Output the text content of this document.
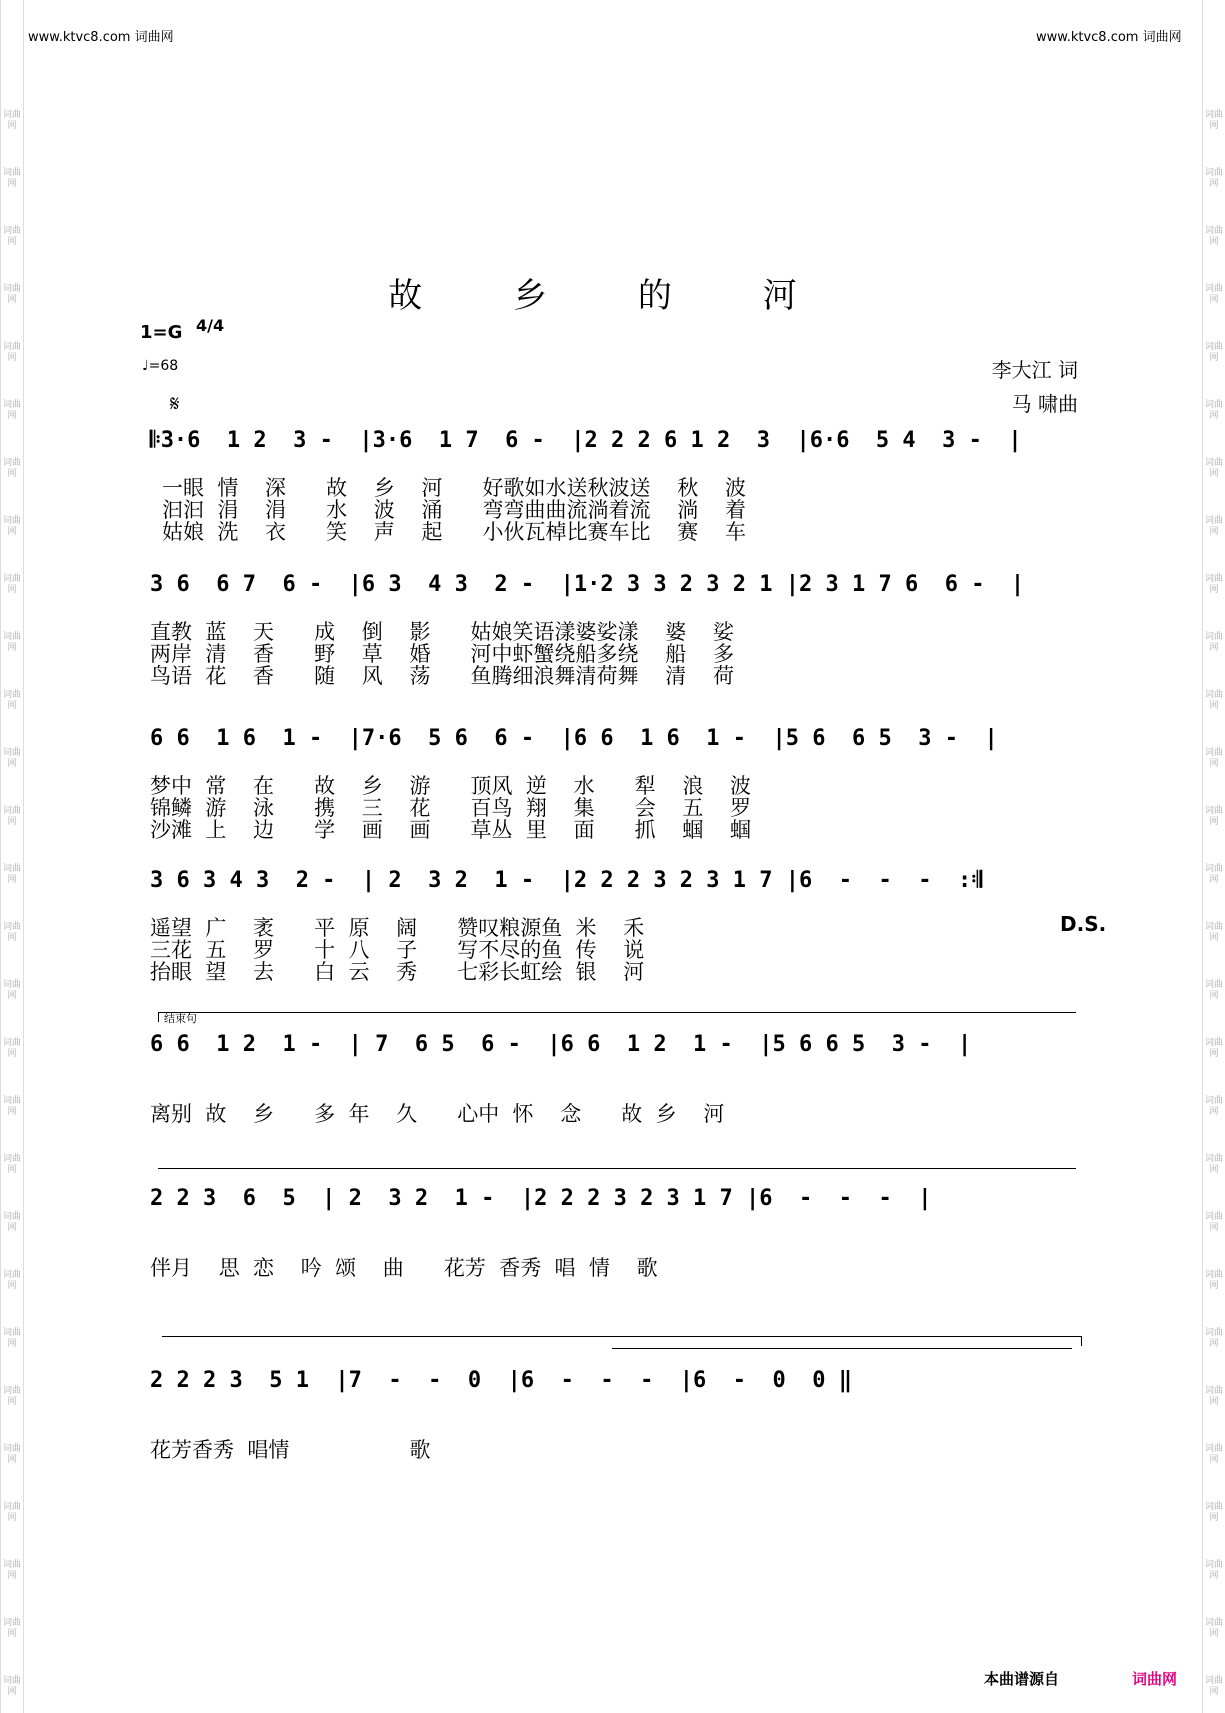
词曲网
词曲网
词曲网
词曲网
词曲网
词曲网
词曲网
词曲网
词曲网
词曲网
词曲网
词曲网
词曲网
词曲网
词曲网
词曲网
词曲网
词曲网
词曲网
词曲网
词曲网
词曲网
词曲网
词曲网
词曲网
词曲网
词曲网
词曲网
词曲网
词曲网
词曲网
词曲网
词曲网
词曲网
词曲网
词曲网
词曲网
词曲网
词曲网
词曲网
词曲网
词曲网
词曲网
词曲网
词曲网
词曲网
词曲网
词曲网
词曲网
词曲网
词曲网
词曲网
词曲网
词曲网
词曲网
词曲网
www.ktvc8.com 词曲网	www.ktvc8.com 词曲网
故 乡 的 河
1=G 4/4
♩=68
𝄋
李大江 词
马 啸曲
𝄆3·6  1 2  3 -  |3·6  1 7  6 -  |2 2 2 6 1 2  3  |6·6  5 4  3 -  |
一眼  情    深      故    乡    河      好歌如水送秋波送    秋    波
汩汩  涓    涓      水    波    涌      弯弯曲曲流淌着流    淌    着
姑娘  洗    衣      笑    声    起      小伙瓦棹比赛车比    赛    车
3 6  6 7  6 -  |6 3  4 3  2 -  |1·2 3 3 2 3 2 1 |2 3 1 7 6  6 -  |
直教  蓝    天      成    倒    影      姑娘笑语漾婆娑漾    婆    娑
两岸  清    香      野    草    婚      河中虾蟹绕船多绕    船    多
鸟语  花    香      随    风    荡      鱼腾细浪舞清荷舞    清    荷
6 6  1 6  1 -  |7·6  5 6  6 -  |6 6  1 6  1 -  |5 6  6 5  3 -  |
梦中  常    在      故    乡    游      顶风  逆    水      犁    浪    波
锦鳞  游    泳      携    三    花      百鸟  翔    集      会    五    罗
沙滩  上    边      学    画    画      草丛  里    面      抓    蝈    蝈
3 6 3 4 3  2 -  | 2  3 2  1 -  |2 2 2 3 2 3 1 7 |6  -  -  -  :𝄇
遥望  广    袤      平  原    阔      赞叹粮源鱼  米    禾
三花  五    罗      十  八    子      写不尽的鱼  传    说
抬眼  望    去      白  云    秀      七彩长虹绘  银    河
D.S.
结束句
6 6  1 2  1 -  | 7  6 5  6 -  |6 6  1 2  1 -  |5 6 6 5  3 -  |
离别  故    乡      多  年    久      心中  怀    念      故  乡    河
2 2 3  6  5  | 2  3 2  1 -  |2 2 2 3 2 3 1 7 |6  -  -  -  |
伴月    思  恋    吟  颂    曲      花芳  香秀  唱  情    歌
2 2 2 3  5 1  |7  -  -  0  |6  -  -  -  |6  -  0  0 ‖
花芳香秀  唱情                  歌
本曲谱源自	词曲网
